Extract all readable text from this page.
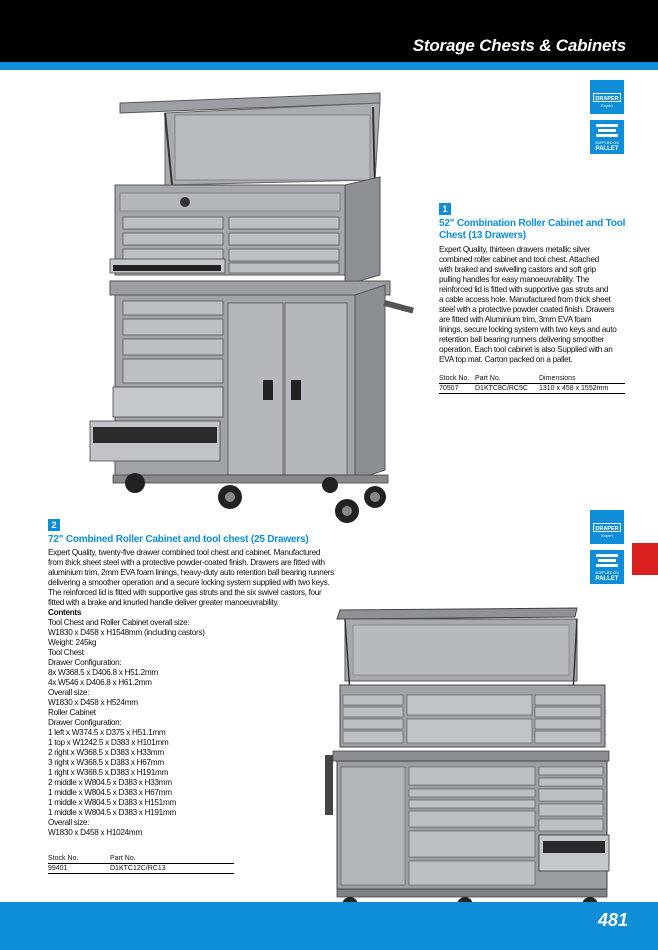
Storage Chests & Cabinets
DRAPER
Expert
SUPPLIED ON
PALLET
DRAPER
Expert
SUPPLIED ON
PALLET
1
52" Combination Roller Cabinet and Tool
Chest (13 Drawers)
Expert Quality, thirteen drawers metallic silver
combined roller cabinet and tool chest. Attached
with braked and swivelling castors and soft grip
pulling handles for easy manoeuvrability. The
reinforced lid is fitted with supportive gas struts and
a cable access hole. Manufactured from thick sheet
steel with a protective powder coated finish. Drawers
are fitted with Aluminium trim, 3mm EVA foam
linings, secure locking system with two keys and auto
retention ball bearing runners delivering smoother
operation. Each tool cabinet is also Supplied with an
EVA top mat. Carton packed on a pallet.
Stock No.	Part No.	Dimensions
70507	D1KTC8C/RC5C	1310 x 458 x 1552mm
2
72" Combined Roller Cabinet and tool chest (25 Drawers)
Expert Quality, twenty-five drawer combined tool chest and cabinet. Manufactured
from thick sheet steel with a protective powder-coated finish. Drawers are fitted with
aluminium trim, 2mm EVA foam linings, heavy-duty auto retention ball bearing runners
delivering a smoother operation and a secure locking system supplied with two keys.
The reinforced lid is fitted with supportive gas struts and the six swivel castors, four
fitted with a brake and knurled handle deliver greater manoeuvrability.
Contents
Tool Chest and Roller Cabinet overall size:
W1830 x D458 x H1548mm (including castors)
Weight: 245kg
Tool Chest
Drawer Configuration:
8x W368.5 x D406.8 x H51.2mm
4x W546 x D406.8 x H61.2mm
Overall size:
W1830 x D458 x H524mm
Roller Cabinet
Drawer Configuration:
1 left x W374.5 x D375 x H51.1mm
1 top x W1242.5 x D383 x H101mm
2 right x W368.5 x D383 x H33mm
3 right x W368.5 x D383 x H67mm
1 right x W368.5 x D383 x H191mm
2 middle x W804.5 x D383 x H33mm
1 middle x W804.5 x D383 x H67mm
1 middle x W804.5 x D383 x H151mm
1 middle x W804.5 x D383 x H191mm
Overall size:
W1830 x D458 x H1024mm
Stock No.	Part No.
99401	D1KTC12C/RC13
481
